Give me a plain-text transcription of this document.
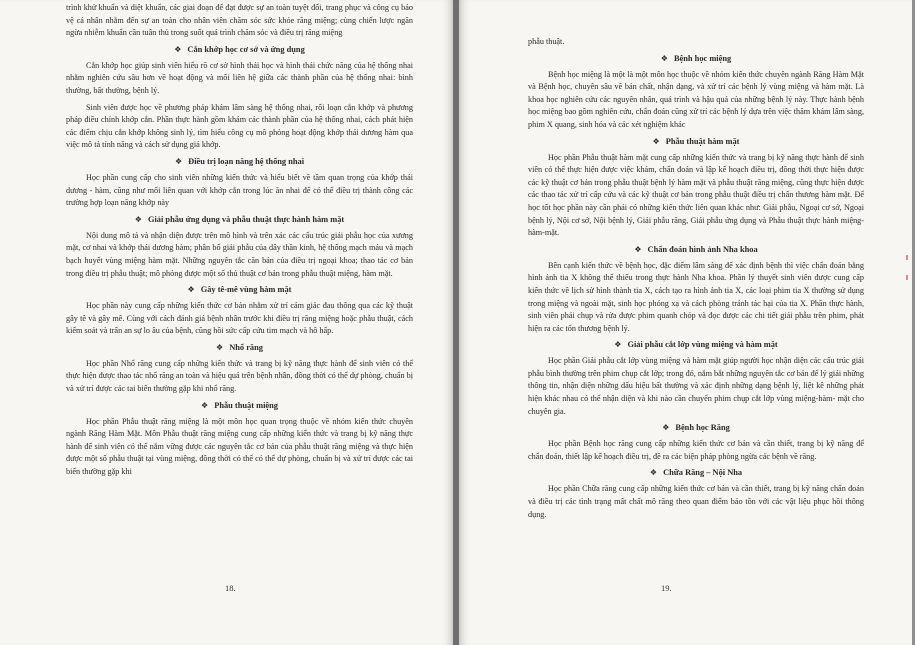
trình khử khuẩn và diệt khuẩn, các giai đoạn để đạt được sự an toàn tuyệt đối, trang phục và công cụ bảo vệ cá nhân nhằm đến sự an toàn cho nhân viên chăm sóc sức khỏe răng miệng; cùng chiến lược ngăn ngừa nhiễm khuẩn cần tuân thủ trong suốt quá trình chăm sóc và điều trị răng miệng

❖ Cắn khớp học cơ sở và ứng dụng

Cắn khớp học giúp sinh viên hiểu rõ cơ sở hình thái học và hình thái chức năng của hệ thống nhai nhằm nghiên cứu sâu hơn về hoạt động và mối liên hệ giữa các thành phần của hệ thống nhai: bình thường, bất thường, bệnh lý.

Sinh viên được học về phương pháp khám lâm sàng hệ thống nhai, rối loạn cắn khớp và phương pháp điều chỉnh khớp cắn. Phần thực hành gồm khám các thành phần của hệ thống nhai, cách phát hiện các điểm chịu cắn khớp không sinh lý, tìm hiểu công cụ mô phỏng hoạt động khớp thái dương hàm qua việc mô tả tính năng và cách sử dụng giá khớp.

❖ Điều trị loạn năng hệ thống nhai

Học phần cung cấp cho sinh viên những kiến thức và hiểu biết về tầm quan trọng của khớp thái dương - hàm, cũng như mối liên quan với khớp cắn trong lúc ăn nhai để có thể điều trị thành công các trường hợp loạn năng khớp này

❖ Giải phẫu ứng dụng và phẫu thuật thực hành hàm mặt

Nội dung mô tả và nhận diện được trên mô hình và trên xác các cấu trúc giải phẫu học của xương mặt, cơ nhai và khớp thái dương hàm; phân bố giải phẫu của dây thần kinh, hệ thống mạch máu và mạch bạch huyết vùng miệng hàm mặt. Những nguyên tắc căn bản của điều trị ngoại khoa; thao tác cơ bản trong điều trị phẫu thuật; mô phỏng được một số thủ thuật cơ bản trong phẫu thuật miệng, hàm mặt.

❖ Gây tê-mê vùng hàm mặt

Học phần này cung cấp những kiến thức cơ bản nhằm xử trí cảm giác đau thông qua các kỹ thuật gây tê và gây mê. Cùng với cách đánh giá bệnh nhân trước khi điều trị răng miệng hoặc phẫu thuật, cách kiểm soát và trấn an sự lo âu của bệnh, cũng hồi sức cấp cứu tim mạch và hô hấp.

❖ Nhổ răng

Học phần Nhổ răng cung cấp những kiến thức và trang bị kỹ năng thực hành để sinh viên có thể thực hiện được thao tác nhổ răng an toàn và hiệu quả trên bệnh nhân, đồng thời có thể dự phòng, chuẩn bị và xử trí được các tai biến thường gặp khi nhổ răng.

❖ Phẫu thuật miệng

Học phần Phẫu thuật răng miệng là một môn học quan trọng thuộc về nhóm kiến thức chuyên ngành Răng Hàm Mặt. Môn Phẫu thuật răng miệng cung cấp những kiến thức và trang bị kỹ năng thực hành để sinh viên có thể nắm vững được các nguyên tắc cơ bản của phẫu thuật răng miệng và thực hiện được một số phẫu thuật tại vùng miệng, đồng thời có thể có thể dự phòng, chuẩn bị và xử trí được các tai biến thường gặp khi

18.

phẫu thuật.

❖ Bệnh học miệng

Bệnh học miệng là một là một môn học thuộc về nhóm kiến thức chuyên ngành Răng Hàm Mặt và Bệnh học, chuyên sâu về bản chất, nhận dạng, và xử trí các bệnh lý vùng miệng và hàm mặt. Là khoa học nghiên cứu các nguyên nhân, quá trình và hậu quả của những bệnh lý này. Thực hành bệnh học miệng bao gồm nghiên cứu, chẩn đoán cũng xử trí các bệnh lý dựa trên việc thăm khám lâm sàng, phim X quang, sinh hóa và các xét nghiệm khác

❖ Phẫu thuật hàm mặt

Học phần Phẫu thuật hàm mặt cung cấp những kiến thức và trang bị kỹ năng thực hành để sinh viên có thể thực hiện được việc khám, chẩn đoán và lập kế hoạch điều trị, đồng thời thực hiện được các kỹ thuật cơ bản trong phẫu thuật bệnh lý hàm mặt và phẫu thuật răng miệng, cũng thực hiện được các thao tác xử trí cấp cứu và các kỹ thuật cơ bản trong phẫu thuật điều trị chấn thương hàm mặt. Để học tốt học phần này cần phải có những kiến thức liên quan khác như: Giải phẫu, Ngoại cơ sở, Ngoại bệnh lý, Nội cơ sở, Nội bệnh lý, Giải phẫu răng, Giải phẫu ứng dụng và Phẫu thuật thực hành miệng-hàm-mặt.

❖ Chẩn đoán hình ảnh Nha khoa

Bên cạnh kiến thức về bệnh học, đặc điểm lâm sàng để xác định bệnh thì việc chẩn đoán bằng hình ảnh tia X không thể thiếu trong thực hành Nha khoa. Phần lý thuyết sinh viên được cung cấp kiến thức về lịch sử hình thành tia X, cách tạo ra hình ảnh tia X, các loại phim tia X thường sử dụng trong miệng và ngoài mặt, sinh học phóng xạ và cách phòng tránh tác hại của tia X. Phần thực hành, sinh viên phải chụp và rửa được phim quanh chóp và đọc được các chi tiết giải phẫu trên phim, phát hiện ra các tổn thương bệnh lý.

❖ Giải phẫu cắt lớp vùng miệng và hàm mặt

Học phần Giải phẫu cắt lớp vùng miệng và hàm mặt giúp người học nhận diện các cấu trúc giải phẫu bình thường trên phim chụp cắt lớp; trong đó, nắm bắt những nguyên tắc cơ bản để lý giải những thông tin, nhận diện những dấu hiệu bất thường và xác định những dạng bệnh lý, liệt kê những phát hiện khác nhau có thể nhận diện và khi nào cần chuyển phim chụp cắt lớp vùng miệng-hàm- mặt cho chuyên gia.

❖ Bệnh học Răng

Học phần Bệnh học răng cung cấp những kiến thức cơ bản và cần thiết, trang bị kỹ năng để chẩn đoán, thiết lập kế hoạch điều trị, đề ra các biện pháp phòng ngừa các bệnh về răng.

❖ Chữa Răng – Nội Nha

Học phần Chữa răng cung cấp những kiến thức cơ bản và cần thiết, trang bị kỹ năng chẩn đoán và điều trị các tình trạng mất chất mô răng theo quan điểm bảo tồn với các vật liệu phục hồi thông dụng.

19.
